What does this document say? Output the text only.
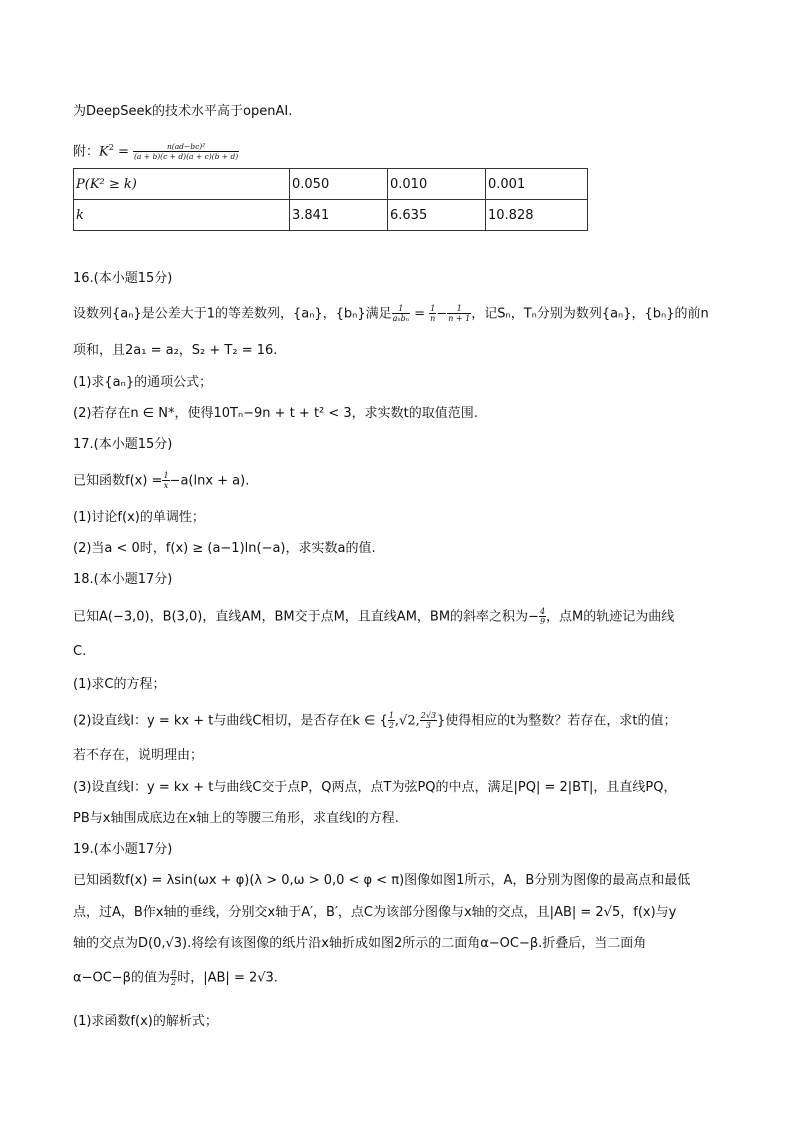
为DeepSeek的技术水平高于openAI.
附：$K^2 = \frac{\text{n(ad−bc)²}}{(a + b)(c + d)(a + c)(b + d)}$
P(K² ≥ k)	0.050	0.010	0.001
k	3.841	6.635	10.828
16.(本小题15分)
设数列{aₙ}是公差大于1的等差数列，{aₙ}，{bₙ}满足 $\frac{1}{\text{aₙbₙ}} = \frac{1}{n} - \frac{1}{n + 1}$ ，记Sₙ，Tₙ分别为数列{aₙ}，{bₙ}的前n
项和，且2a₁ = a₂，S₂ + T₂ = 16.
(1)求{aₙ}的通项公式；
(2)若存在n ∈ N*，使得10Tₙ−9n + t + t² < 3，求实数t的取值范围.
17.(本小题15分)
已知函数$f(x) = \frac{1}{x} -a(\ln x + a)$.
(1)讨论f(x)的单调性；
(2)当a < 0时，f(x) ≥ (a−1)ln(−a)，求实数a的值.
18.(本小题17分)
已知A(−3,0)，B(3,0)，直线AM，BM交于点M，且直线AM，BM的斜率之积为− $\frac{4}{9}$ ，点M的轨迹记为曲线
C.
(1)求C的方程；
(2)设直线l：y = kx + t与曲线C相切，是否存在k ∈ { $\frac{1}{2} ,√2$, $\frac{2√3}{3}$ }使得相应的t为整数？若存在，求t的值；
若不存在，说明理由；
(3)设直线l：y = kx + t与曲线C交于点P，Q两点，点T为弦PQ的中点，满足|PQ| = 2|BT|，且直线PQ，
PB与x轴围成底边在x轴上的等腰三角形，求直线l的方程.
19.(本小题17分)
已知函数f(x) = λsin(ωx + φ)(λ > 0,ω > 0,0 < φ < π)图像如图1所示，A，B分别为图像的最高点和最低
点，过A，B作x轴的垂线，分别交x轴于A′，B′，点C为该部分图像与x轴的交点，且|AB| = 2√5，f(x)与y
轴的交点为D(0,√3).将绘有该图像的纸片沿x轴折成如图2所示的二面角α−OC−β.折叠后，当二面角
α−OC−β的值为 $\frac{\pi}{2}$ 时，|AB| = 2√3.
(1)求函数f(x)的解析式；
